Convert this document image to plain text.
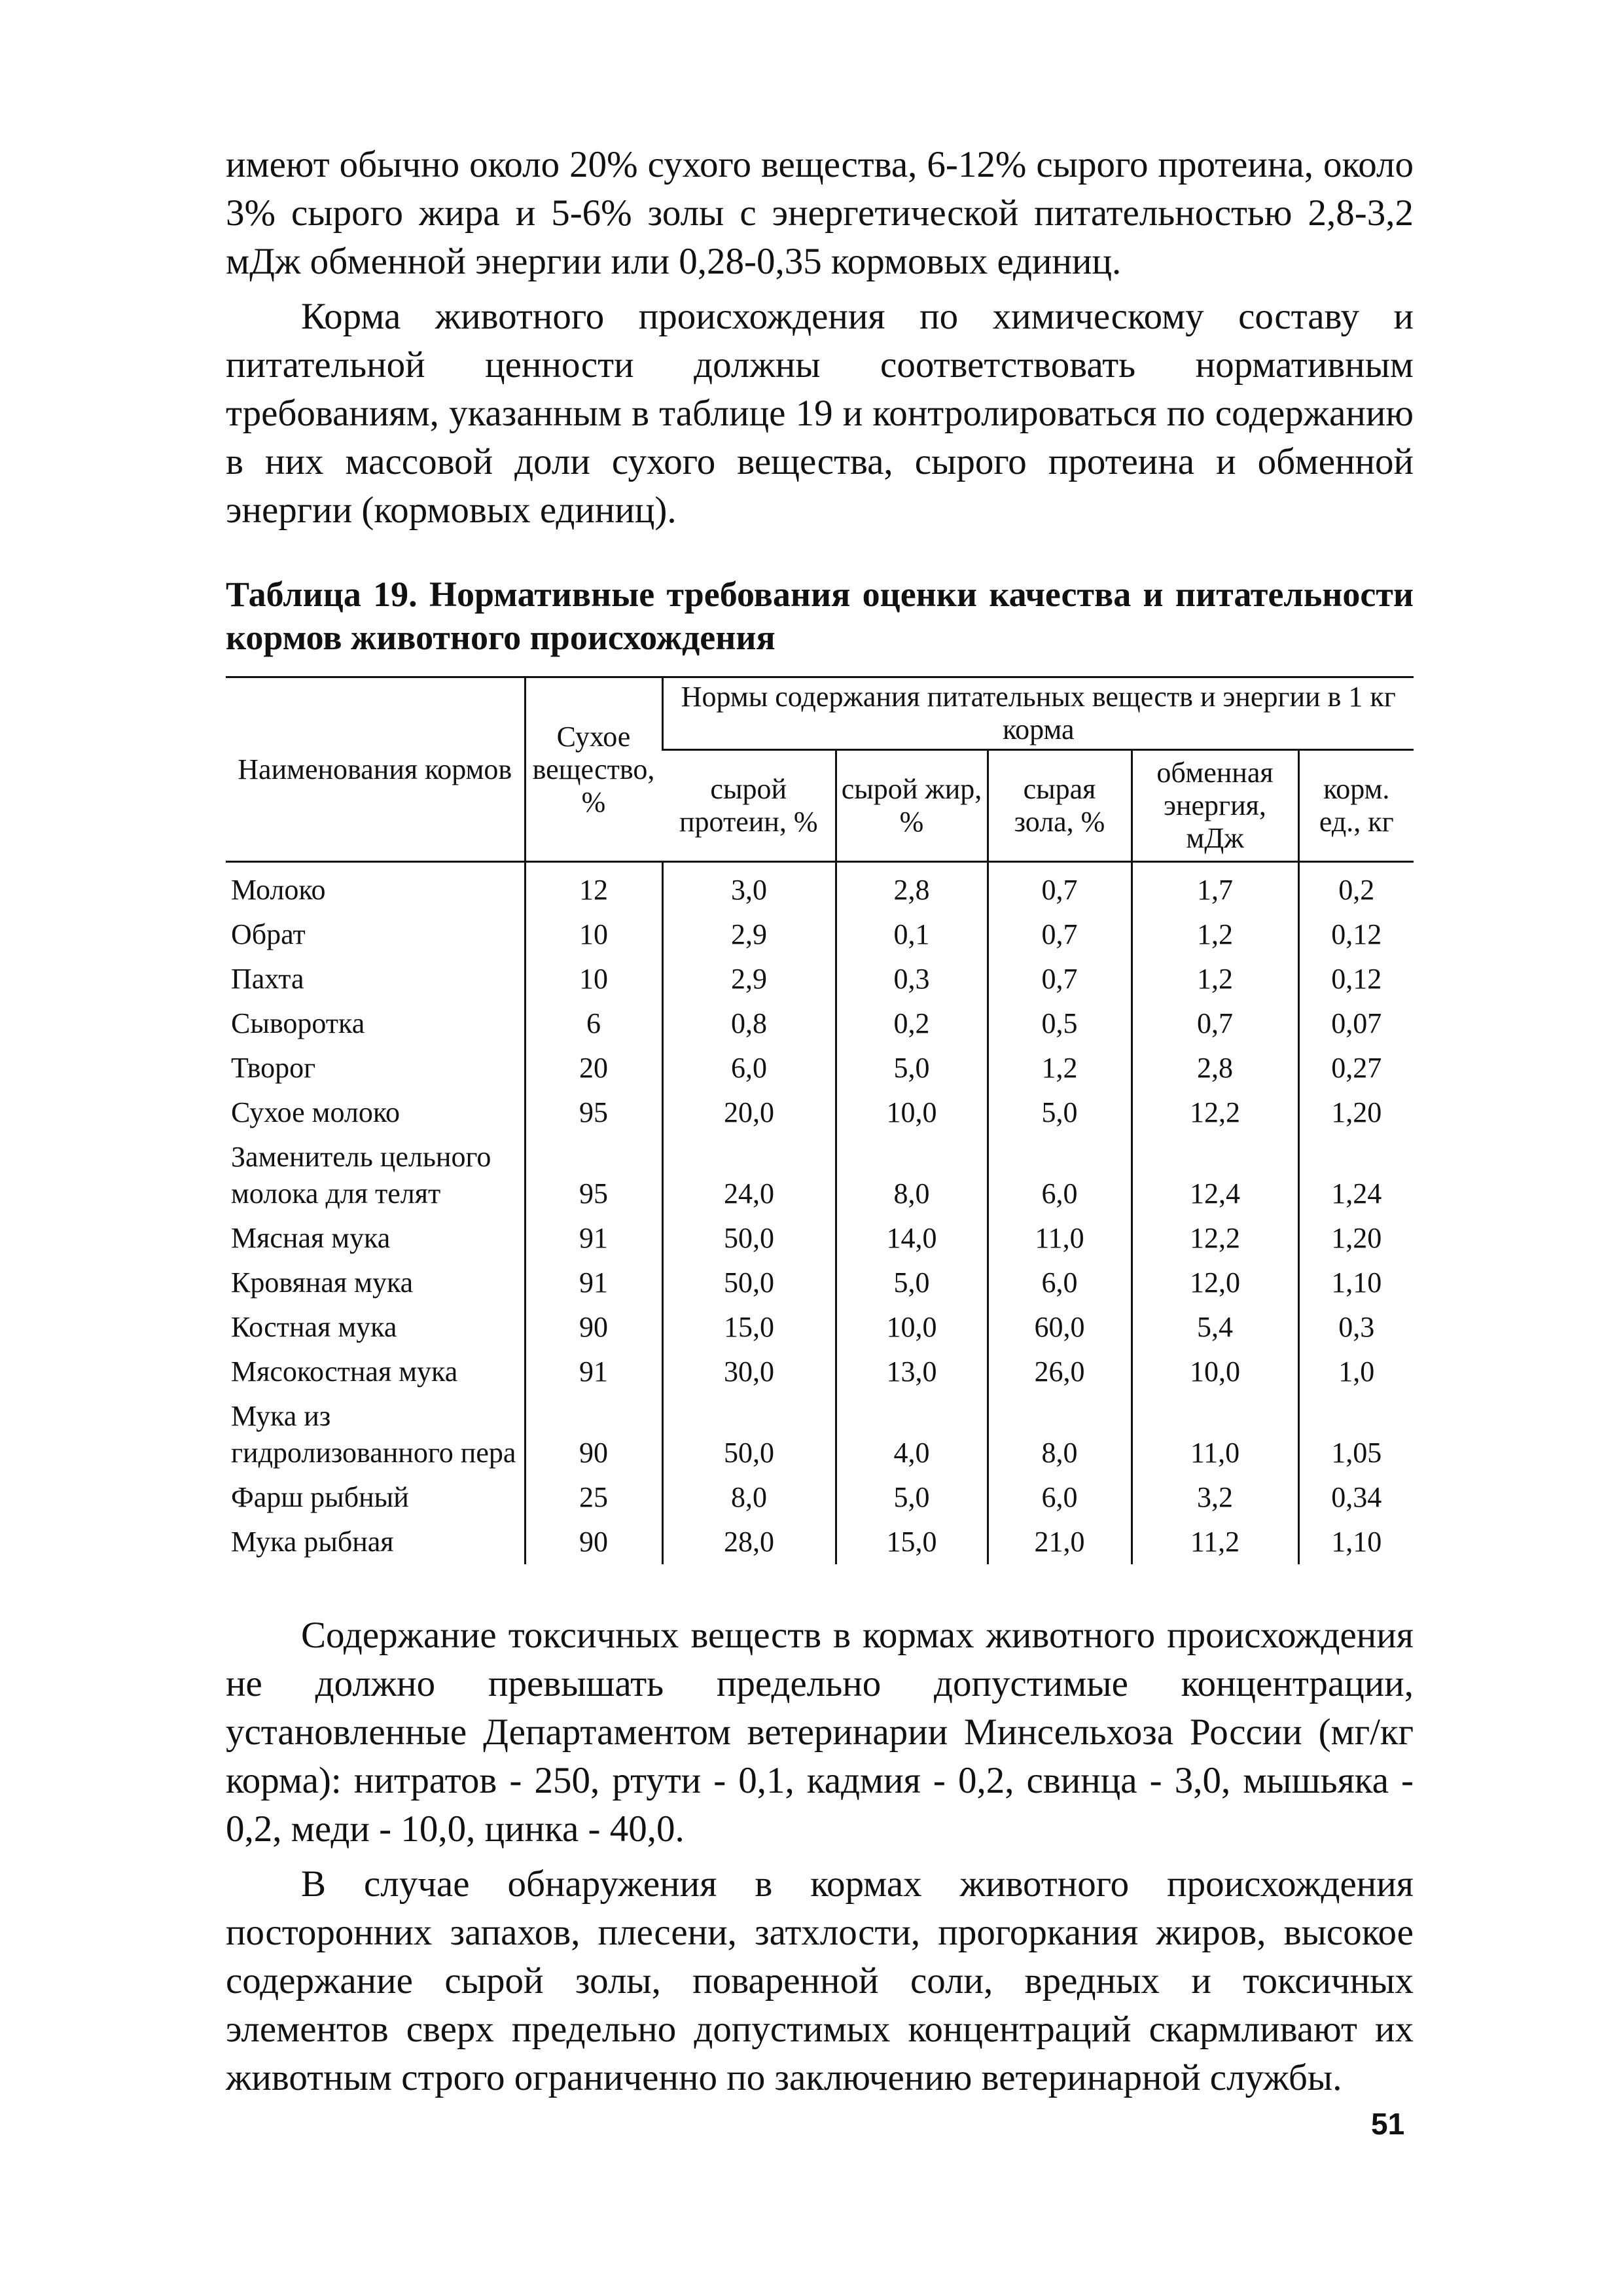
имеют обычно около 20% сухого вещества, 6-12% сырого протеина, около 3% сырого жира и 5-6% золы с энергетической питательностью 2,8-3,2 мДж обменной энергии или 0,28-0,35 кормовых единиц.

Корма животного происхождения по химическому составу и питательной ценности должны соответствовать нормативным требованиям, указанным в таблице 19 и контролироваться по содержанию в них массовой доли сухого вещества, сырого протеина и обменной энергии (кормовых единиц).

Таблица 19. Нормативные требования оценки качества и питательности кормов животного происхождения

Наименования кормов	Сухое вещество, %	Нормы содержания питательных веществ и энергии в 1 кг корма				
		сырой протеин, %	сырой жир, %	сырая зола, %	обменная энергия, мДж	корм. ед., кг
Молоко	12	3,0	2,8	0,7	1,7	0,2
Обрат	10	2,9	0,1	0,7	1,2	0,12
Пахта	10	2,9	0,3	0,7	1,2	0,12
Сыворотка	6	0,8	0,2	0,5	0,7	0,07
Творог	20	6,0	5,0	1,2	2,8	0,27
Сухое молоко	95	20,0	10,0	5,0	12,2	1,20
Заменитель цельного молока для телят	95	24,0	8,0	6,0	12,4	1,24
Мясная мука	91	50,0	14,0	11,0	12,2	1,20
Кровяная мука	91	50,0	5,0	6,0	12,0	1,10
Костная мука	90	15,0	10,0	60,0	5,4	0,3
Мясокостная мука	91	30,0	13,0	26,0	10,0	1,0
Мука из гидролизованного пера	90	50,0	4,0	8,0	11,0	1,05
Фарш рыбный	25	8,0	5,0	6,0	3,2	0,34
Мука рыбная	90	28,0	15,0	21,0	11,2	1,10

Содержание токсичных веществ в кормах животного происхождения не должно превышать предельно допустимые концентрации, установленные Департаментом ветеринарии Минсельхоза России (мг/кг корма): нитратов - 250, ртути - 0,1, кадмия - 0,2, свинца - 3,0, мышьяка - 0,2, меди - 10,0, цинка - 40,0.

В случае обнаружения в кормах животного происхождения посторонних запахов, плесени, затхлости, прогоркания жиров, высокое содержание сырой золы, поваренной соли, вредных и токсичных элементов сверх предельно допустимых концентраций скармливают их животным строго ограниченно по заключению ветеринарной службы.

51
